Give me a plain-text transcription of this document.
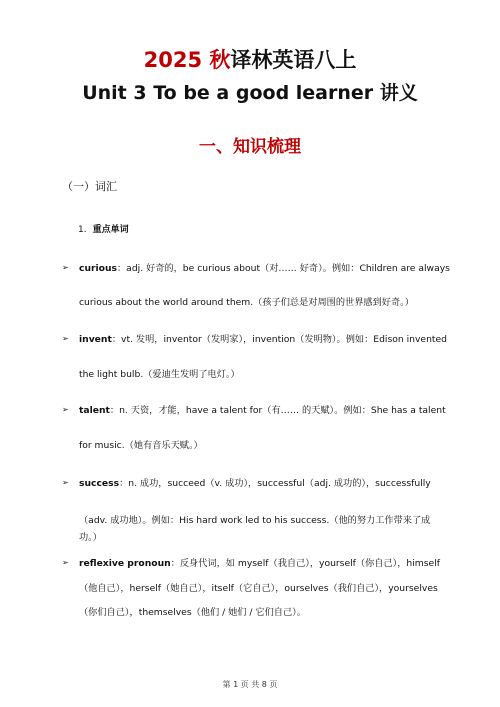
2025 秋译林英语八上
Unit 3 To be a good learner 讲义
一、知识梳理
（一）词汇
1. 重点单词
➢ curious：adj. 好奇的，be curious about（对…… 好奇）。例如：Children are always
curious about the world around them.（孩子们总是对周围的世界感到好奇。）
➢ invent：vt. 发明，inventor（发明家），invention（发明物）。例如：Edison invented
the light bulb.（爱迪生发明了电灯。）
➢ talent：n. 天资，才能，have a talent for（有…… 的天赋）。例如：She has a talent
for music.（她有音乐天赋。）
➢ success：n. 成功，succeed（v. 成功），successful（adj. 成功的），successfully
（adv. 成功地）。例如：His hard work led to his success.（他的努力工作带来了成
功。）
➢ reflexive pronoun：反身代词，如 myself（我自己），yourself（你自己），himself
（他自己），herself（她自己），itself（它自己），ourselves（我们自己），yourselves
（你们自己），themselves（他们 / 她们 / 它们自己）。
第 1 页 共 8 页
